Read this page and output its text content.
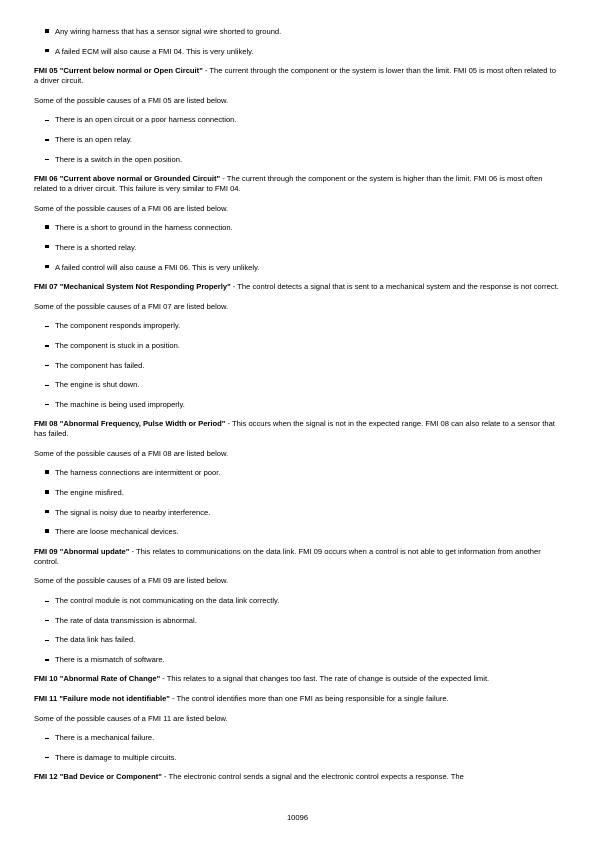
Any wiring harness that has a sensor signal wire shorted to ground.
A failed ECM will also cause a FMI 04. This is very unlikely.

FMI 05 "Current below normal or Open Circuit" - The current through the component or the system is lower than the limit. FMI 05 is most often related to a driver circuit.

Some of the possible causes of a FMI 05 are listed below.

There is an open circuit or a poor harness connection.
There is an open relay.
There is a switch in the open position.

FMI 06 "Current above normal or Grounded Circuit" - The current through the component or the system is higher than the limit. FMI 06 is most often related to a driver circuit. This failure is very similar to FMI 04.

Some of the possible causes of a FMI 06 are listed below.

There is a short to ground in the harness connection.
There is a shorted relay.
A failed control will also cause a FMI 06. This is very unlikely.

FMI 07 "Mechanical System Not Responding Properly" - The control detects a signal that is sent to a mechanical system and the response is not correct.

Some of the possible causes of a FMI 07 are listed below.

The component responds improperly.
The component is stuck in a position.
The component has failed.
The engine is shut down.
The machine is being used improperly.

FMI 08 "Abnormal Frequency, Pulse Width or Period" - This occurs when the signal is not in the expected range. FMI 08 can also relate to a sensor that has failed.

Some of the possible causes of a FMI 08 are listed below.

The harness connections are intermittent or poor.
The engine misfired.
The signal is noisy due to nearby interference.
There are loose mechanical devices.

FMI 09 "Abnormal update" - This relates to communications on the data link. FMI 09 occurs when a control is not able to get information from another control.

Some of the possible causes of a FMI 09 are listed below.

The control module is not communicating on the data link correctly.
The rate of data transmission is abnormal.
The data link has failed.
There is a mismatch of software.

FMI 10 "Abnormal Rate of Change" - This relates to a signal that changes too fast. The rate of change is outside of the expected limit.

FMI 11 "Failure mode not identifiable" - The control identifies more than one FMI as being responsible for a single failure.

Some of the possible causes of a FMI 11 are listed below.

There is a mechanical failure.
There is damage to multiple circuits.

FMI 12 "Bad Device or Component" - The electronic control sends a signal and the electronic control expects a response. The

10096
